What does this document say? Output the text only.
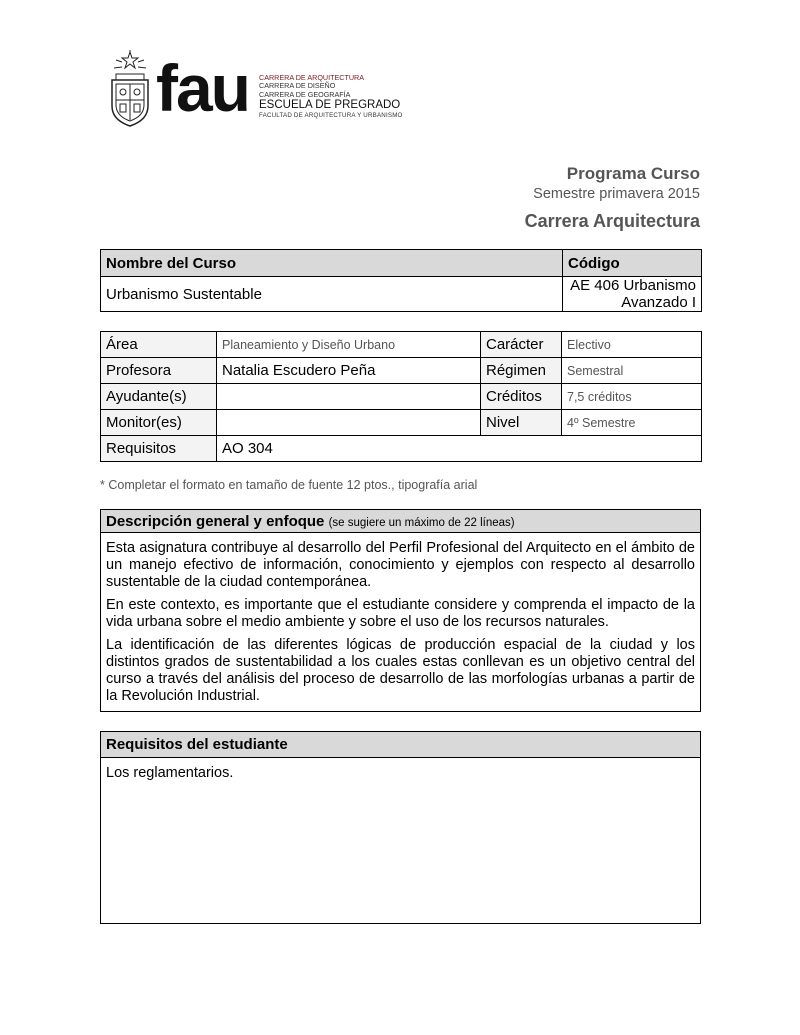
fau CARRERA DE ARQUITECTURA
CARRERA DE DISEÑO
CARRERA DE GEOGRAFÍA
ESCUELA DE PREGRADO
FACULTAD DE ARQUITECTURA Y URBANISMO
Programa Curso
Semestre primavera 2015
Carrera Arquitectura
Nombre del Curso	Código
Urbanismo Sustentable	AE 406 Urbanismo
Avanzado I
Área	Planeamiento y Diseño Urbano	Carácter	Electivo
Profesora	Natalia Escudero Peña	Régimen	Semestral
Ayudante(s)		Créditos	7,5 créditos
Monitor(es)		Nivel	4º Semestre
Requisitos	AO 304		
* Completar el formato en tamaño de fuente 12 ptos., tipografía arial
Descripción general y enfoque (se sugiere un máximo de 22 líneas)

Esta asignatura contribuye al desarrollo del Perfil Profesional del Arquitecto en el ámbito de un manejo efectivo de información, conocimiento y ejemplos con respecto al desarrollo sustentable de la ciudad contemporánea.

En este contexto, es importante que el estudiante considere y comprenda el impacto de la vida urbana sobre el medio ambiente y sobre el uso de los recursos naturales.

La identificación de las diferentes lógicas de producción espacial de la ciudad y los distintos grados de sustentabilidad a los cuales estas conllevan es un objetivo central del curso a través del análisis del proceso de desarrollo de las morfologías urbanas a partir de la Revolución Industrial.

Requisitos del estudiante
Los reglamentarios.
